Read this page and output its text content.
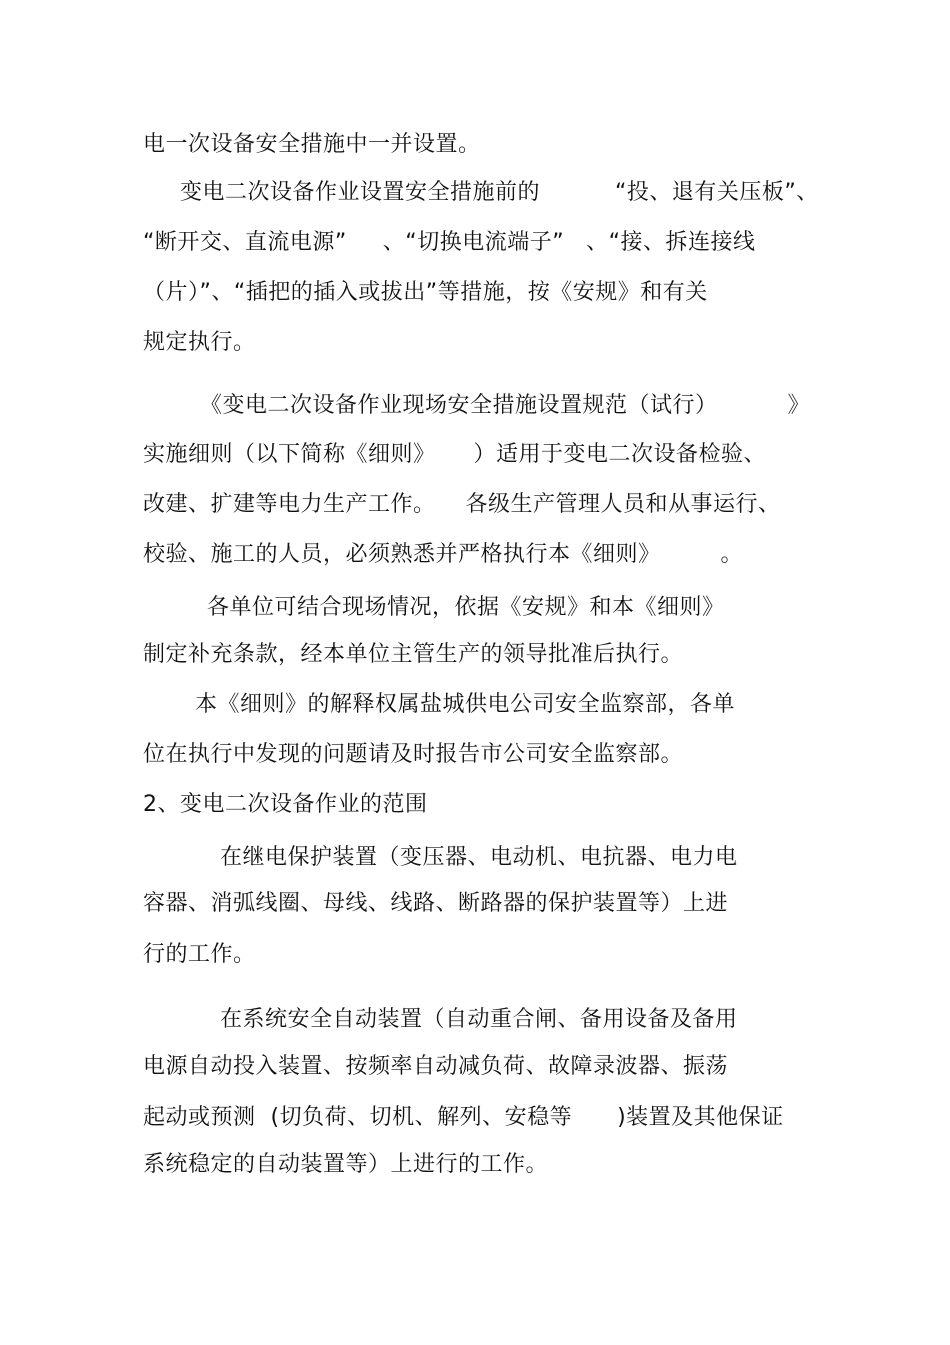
电一次设备安全措施中一并设置。
变电二次设备作业设置安全措施前的	“投、退有关压板”、
“断开交、直流电源” 、“切换电流端子” 、“接、拆连接线
（片）”、“插把的插入或拔出”等措施，按《安规》和有关
规定执行。
《变电二次设备作业现场安全措施设置规范（试行）	》
实施细则（以下简称《细则》 ）适用于变电二次设备检验、
改建、扩建等电力生产工作。 各级生产管理人员和从事运行、
校验、施工的人员，必须熟悉并严格执行本《细则》	。
各单位可结合现场情况，依据《安规》和本《细则》
制定补充条款，经本单位主管生产的领导批准后执行。
本《细则》的解释权属盐城供电公司安全监察部，各单
位在执行中发现的问题请及时报告市公司安全监察部。
2、变电二次设备作业的范围
在继电保护装置（变压器、电动机、电抗器、电力电
容器、消弧线圈、母线、线路、断路器的保护装置等）上进
行的工作。
在系统安全自动装置（自动重合闸、备用设备及备用
电源自动投入装置、按频率自动减负荷、故障录波器、振荡
起动或预测  (切负荷、切机、解列、安稳等 )装置及其他保证
系统稳定的自动装置等）上进行的工作。
